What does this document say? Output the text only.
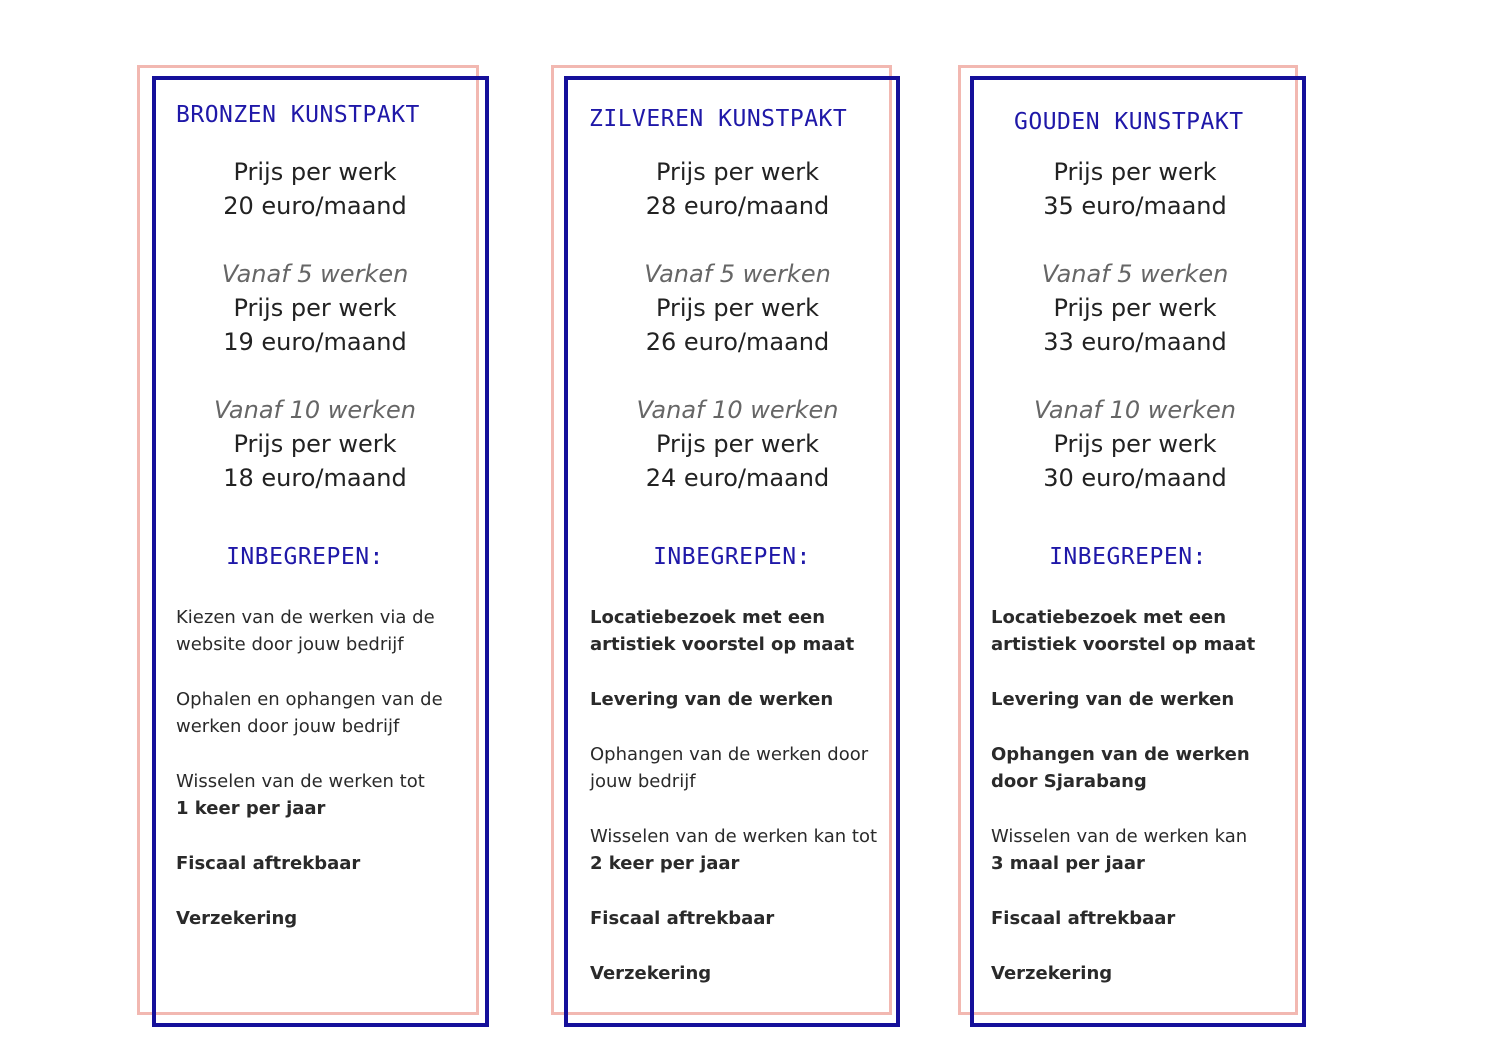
BRONZEN KUNSTPAKT
Prijs per werk
20 euro/maand
Vanaf 5 werken
Prijs per werk
19 euro/maand
Vanaf 10 werken
Prijs per werk
18 euro/maand
INBEGREPEN:
Kiezen van de werken via de website door jouw bedrijf
Ophalen en ophangen van de werken door jouw bedrijf
Wisselen van de werken tot
1 keer per jaar
Fiscaal aftrekbaar
Verzekering
ZILVEREN KUNSTPAKT
Prijs per werk
28 euro/maand
Vanaf 5 werken
Prijs per werk
26 euro/maand
Vanaf 10 werken
Prijs per werk
24 euro/maand
INBEGREPEN:
Locatiebezoek met een artistiek voorstel op maat
Levering van de werken
Ophangen van de werken door jouw bedrijf
Wisselen van de werken kan tot 2 keer per jaar
Fiscaal aftrekbaar
Verzekering
GOUDEN KUNSTPAKT
Prijs per werk
35 euro/maand
Vanaf 5 werken
Prijs per werk
33 euro/maand
Vanaf 10 werken
Prijs per werk
30 euro/maand
INBEGREPEN:
Locatiebezoek met een artistiek voorstel op maat
Levering van de werken
Ophangen van de werken door Sjarabang
Wisselen van de werken kan
3 maal per jaar
Fiscaal aftrekbaar
Verzekering
